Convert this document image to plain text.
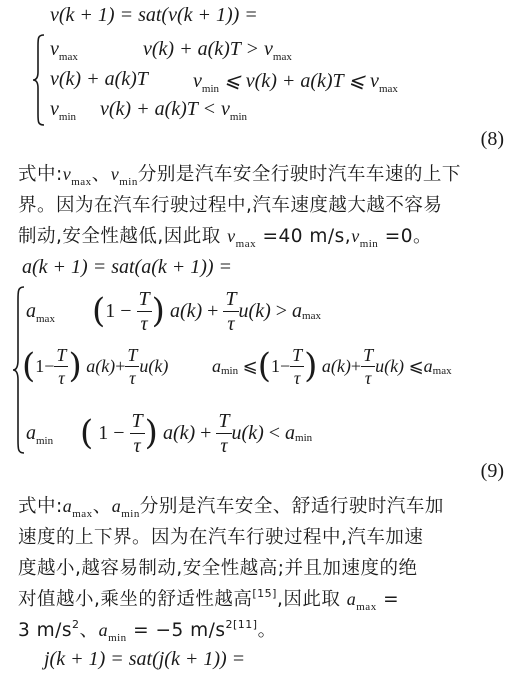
v(k + 1) = sat(v(k + 1)) =
$v_{max}$	$v(k) + a(k)T > v_{max}$
v(k) + a(k)T $v_{min}$ ⩽ v(k) + a(k)T ⩽ $v_{max}$
$v_{min}$ $v(k) + a(k)T < v_{min}$
(8)
式中$:v_{max}$、$v_{min}$分别是汽车安全行驶时汽车车速的上下
界。因为在汽车行驶过程中,汽车速度越大越不容易
制动,安全性越低,因此取 $v_{max} =40$ $m/s,v_{min} =0$。
a(k + 1) = sat(a(k + 1)) =
$a_{max}$ ( 1
−
$\frac{T}{\tau}$ )
a(k)
+
$\frac{T}{\tau} u(k)$
>
a max
( $1 - \frac{T}{\tau}$ )
$a(k) + \frac{T}{\tau} u(k)$ a min
⩽ ( $1 - \frac{T}{\tau}$ )
$a(k) + \frac{T}{\tau} u(k)$
⩽ a max
$a_{min}$ (
1
−
$\frac{T}{\tau}$ )
a(k)
+
$\frac{T}{\tau} u(k)$
<
a min
(9)
式中$:a_{max}$、$a_{min}$分别是汽车安全、舒适行驶时汽车加
速度的上下界。因为在汽车行驶过程中,汽车加速
度越小,越容易制动,安全性越高;并且加速度的绝
对值越小,乘坐的舒适性越高[15],因此取 $a_{max}$ =
3 $m/s^2$、$a_{min} = -5$ $m/s^{2[11]}$。
j(k + 1) = sat(j(k + 1)) =
